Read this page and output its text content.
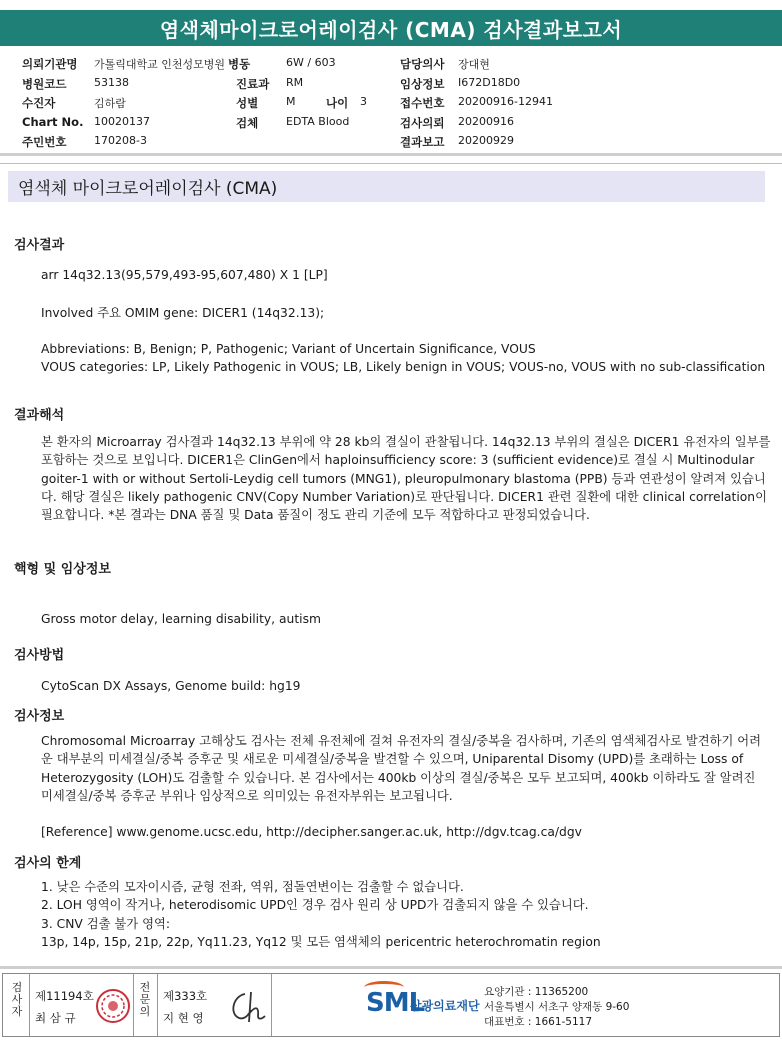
염색체마이크로어레이검사 (CMA) 검사결과보고서
의뢰기관명 가톨릭대학교 인천성모병원 병동	6W / 603	담당의사 장대현
병원코드	53138	진료과 RM	임상정보 I672D18D0
수진자	김하람	성별	M	나이 3	접수번호 20200916-12941
Chart No. 10020137	검체	EDTA Blood	검사의뢰 20200916
주민번호	170208-3	결과보고 20200929
염색체 마이크로어레이검사 (CMA)
검사결과
arr 14q32.13(95,579,493-95,607,480) X 1 [LP]
Involved 주요 OMIM gene: DICER1 (14q32.13);

Abbreviations: B, Benign; P, Pathogenic; Variant of Uncertain Significance, VOUS

VOUS categories: LP, Likely Pathogenic in VOUS; LB, Likely benign in VOUS; VOUS-no, VOUS with no sub-classification

결과해석
본 환자의 Microarray 검사결과 14q32.13 부위에 약 28 kb의 결실이 관찰됩니다. 14q32.13 부위의 결실은 DICER1 유전자의 일부를 포함하는 것으로 보입니다. DICER1은 ClinGen에서 haploinsufficiency score: 3 (sufficient evidence)로 결실 시 Multinodular goiter-1 with or without Sertoli-Leydig cell tumors (MNG1), pleuropulmonary blastoma (PPB) 등과 연관성이 알려져 있습니다. 해당 결실은 likely pathogenic CNV(Copy Number Variation)로 판단됩니다. DICER1 관련 질환에 대한 clinical correlation이 필요합니다. *본 결과는 DNA 품질 및 Data 품질이 정도 관리 기준에 모두 적합하다고 판정되었습니다.
핵형 및 임상정보
Gross motor delay, learning disability, autism
검사방법
CytoScan DX Assays, Genome build: hg19
검사정보
Chromosomal Microarray 고해상도 검사는 전체 유전체에 걸쳐 유전자의 결실/중복을 검사하며, 기존의 염색체검사로 발견하기 어려운 대부분의 미세결실/중복 증후군 및 새로운 미세결실/중복을 발견할 수 있으며, Uniparental Disomy (UPD)를 초래하는 Loss of Heterozygosity (LOH)도 검출할 수 있습니다. 본 검사에서는 400kb 이상의 결실/중복은 모두 보고되며, 400kb 이하라도 잘 알려진 미세결실/중복 증후군 부위나 임상적으로 의미있는 유전자부위는 보고됩니다.
[Reference] www.genome.ucsc.edu, http://decipher.sanger.ac.uk, http://dgv.tcag.ca/dgv
검사의 한계

1. 낮은 수준의 모자이시즘, 균형 전좌, 역위, 점돌연변이는 검출할 수 없습니다.

2. LOH 영역이 작거나, heterodisomic UPD인 경우 검사 원리 상 UPD가 검출되지 않을 수 있습니다.

3. CNV 검출 불가 영역:

13p, 14p, 15p, 21p, 22p, Yq11.23, Yq12 및 모든 염색체의 pericentric heterochromatin region

검사자
제11194호
최 삼 규
전문의
제333호
지 현 영	SML
삼광의료재단
요양기관 : 11365200
서울특별시 서초구 양재동 9-60
대표번호 : 1661-5117
